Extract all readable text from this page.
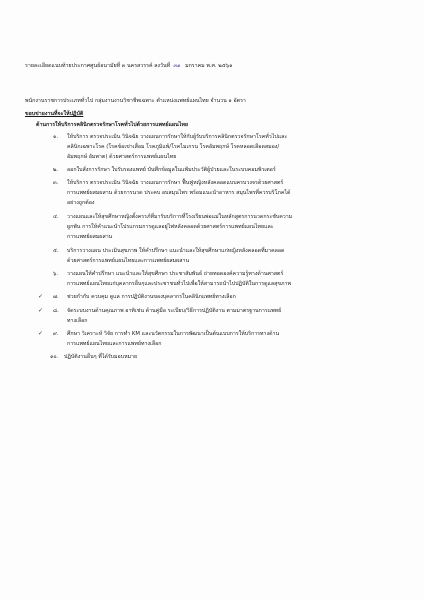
รายละเอียดแนบท้ายประกาศศูนย์อนามัยที่ ๓ นครสวรรค์ ลงวันที่ ๓๑ มกราคม พ.ศ. ๒๕๖๑
พนักงานราชการประเภททั่วไป กลุ่มงานงานวิชาชีพเฉพาะ ตำแหน่งแพทย์แผนไทย จำนวน ๑ อัตรา
ขอบข่ายงานที่จะให้ปฏิบัติ
ด้านการให้บริการคลินิกตรวจรักษาโรคทั่วไปด้วยการแพทย์แผนไทย
๑. ให้บริการ ตรวจประเมิน วินิจฉัย วางแผนการรักษาให้กับผู้รับบริการคลินิกตรวจรักษาโรคทั่วไปและ
คลินิกเฉพาะโรค (โรคข้อเข่าเสื่อม โรคภูมิแพ้/โรคไมเกรน โรคอัมพฤกษ์ โรคหลอดเลือดสมอง/
อัมพฤกษ์ อัมพาต) ด้วยศาสตร์การแพทย์แผนไทย
๒. ออกใบสั่งการรักษา ใบรับรองแพทย์ บันทึกข้อมูลในแฟ้มประวัติผู้ป่วยและในระบบคอมพิวเตอร์
๓. ให้บริการ ตรวจประเมิน วินิจฉัย วางแผนการรักษา ฟื้นฟูหญิงหลังคลอดแบบครบวงจรด้วยศาสตร์
การแพทย์ผสมผสาน ด้วยการนวด ประคบ อบสมุนไพร พร้อมแนะนำอาหาร สมุนไพรที่ควรบริโภคได้
อย่างถูกต้อง
๔. วางแผนและให้สุขศึกษาหญิงตั้งครรภ์ที่มารับบริการที่โรงเรียนพ่อแม่ในหลักสูตรการนวดกระชับความ
ผูกพัน การให้คำแนะนำโปรแกรมการดูแลอยู่ไฟหลังคลอดด้วยศาสตร์การแพทย์แผนไทยและ
การแพทย์ผสมผสาน
๕. บริการวางแผน ประเมินสุขภาพ ให้คำปรึกษา แนะนำและให้สุขศึกษาแก่หญิงหลังคลอดที่มาคลอด
ด้วยศาสตร์การแพทย์แผนไทยและการแพทย์ผสมผสาน
๖. วางแผนให้คำปรึกษา แนะนำและให้สุขศึกษา ประชาสัมพันธ์ ถ่ายทอดองค์ความรู้ทางด้านศาสตร์
การแพทย์แผนไทยแก่บุคลากรอื่นๆและประชาชนทั่วไปเพื่อให้สามารถนำไปปฏิบัติในการดูแลสุขภาพ
✓ ๗. ช่วยกำกับ ควบคุม ดูแล การปฏิบัติงานของบุคลากรในคลินิกแพทย์ทางเลือก
✓ ๘. จัดระบบงานด้านคุณภาพ อาทิเช่น ด้านคู่มือ ระเบียบ/วิธีการปฏิบัติงาน ตามมาตรฐานการแพทย์
ทางเลือก
✓ ๙. ศึกษา วิเคราะห์ วิจัย การทำ KM และนวัตกรรมในการพัฒนาเป็นต้นแบบการให้บริการทางด้าน
การแพทย์แผนไทยและการแพทย์ทางเลือก
๑๐. ปฏิบัติงานอื่นๆ ที่ได้รับมอบหมาย
